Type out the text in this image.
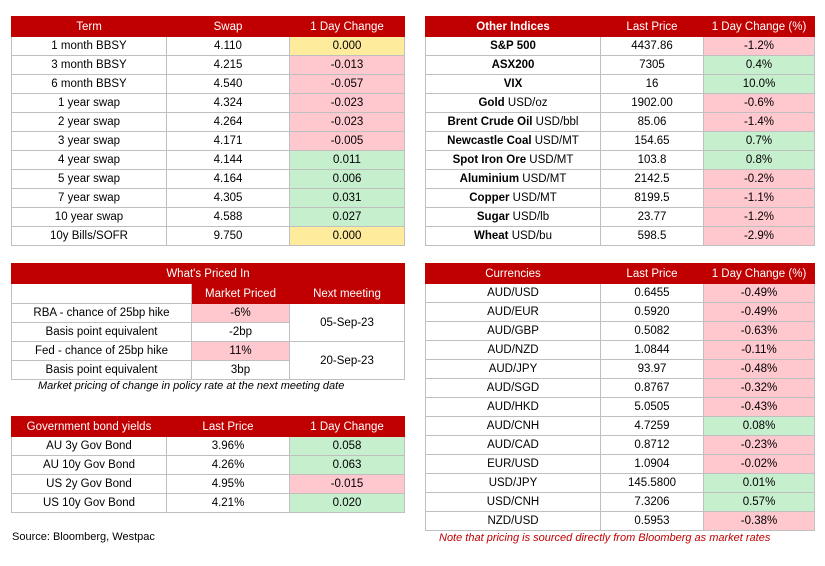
Term	Swap	1 Day Change
1 month BBSY	4.110	0.000
3 month BBSY	4.215	-0.013
6 month BBSY	4.540	-0.057
1 year swap	4.324	-0.023
2 year swap	4.264	-0.023
3 year swap	4.171	-0.005
4 year swap	4.144	0.011
5 year swap	4.164	0.006
7 year swap	4.305	0.031
10 year swap	4.588	0.027
10y Bills/SOFR	9.750	0.000
Other Indices	Last Price	1 Day Change (%)
S&P 500	4437.86	-1.2%
ASX200	7305	0.4%
VIX	16	10.0%
Gold USD/oz	1902.00	-0.6%
Brent Crude Oil USD/bbl	85.06	-1.4%
Newcastle Coal USD/MT	154.65	0.7%
Spot Iron Ore USD/MT	103.8	0.8%
Aluminium USD/MT	2142.5	-0.2%
Copper USD/MT	8199.5	-1.1%
Sugar USD/lb	23.77	-1.2%
Wheat USD/bu	598.5	-2.9%
What's Priced In		
	Market Priced	Next meeting
RBA - chance of 25bp hike	-6%	05-Sep-23
Basis point equivalent	-2bp	
Fed - chance of 25bp hike	11%	20-Sep-23
Basis point equivalent	3bp	
Market pricing of change in policy rate at the next meeting date
Government bond yields	Last Price	1 Day Change
AU 3y Gov Bond	3.96%	0.058
AU 10y Gov Bond	4.26%	0.063
US 2y Gov Bond	4.95%	-0.015
US 10y Gov Bond	4.21%	0.020
Currencies	Last Price	1 Day Change (%)
AUD/USD	0.6455	-0.49%
AUD/EUR	0.5920	-0.49%
AUD/GBP	0.5082	-0.63%
AUD/NZD	1.0844	-0.11%
AUD/JPY	93.97	-0.48%
AUD/SGD	0.8767	-0.32%
AUD/HKD	5.0505	-0.43%
AUD/CNH	4.7259	0.08%
AUD/CAD	0.8712	-0.23%
EUR/USD	1.0904	-0.02%
USD/JPY	145.5800	0.01%
USD/CNH	7.3206	0.57%
NZD/USD	0.5953	-0.38%
Source: Bloomberg, Westpac	Note that pricing is sourced directly from Bloomberg as market rates
